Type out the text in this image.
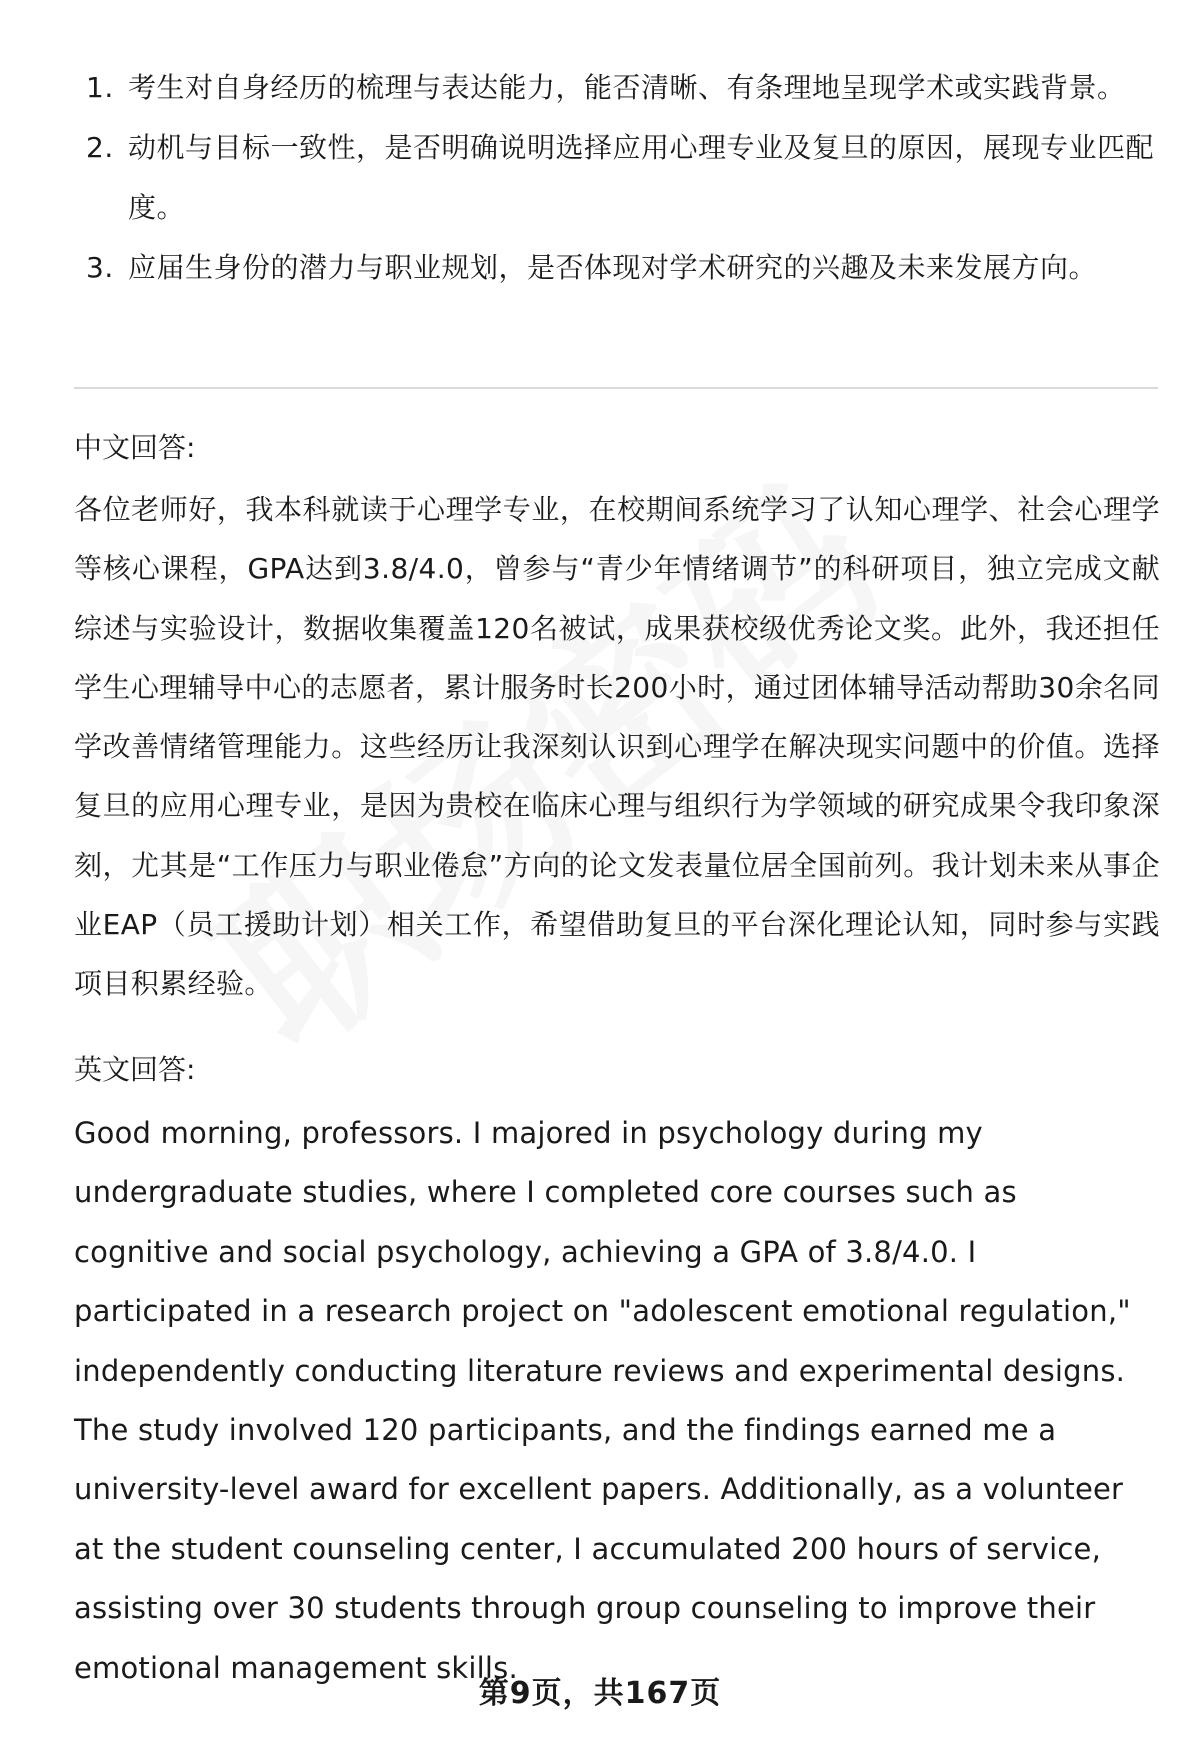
1. 考生对自身经历的梳理与表达能力，能否清晰、有条理地呈现学术或实践背景。
2. 动机与目标一致性，是否明确说明选择应用心理专业及复旦的原因，展现专业匹配度。
3. 应届生身份的潜力与职业规划，是否体现对学术研究的兴趣及未来发展方向。
中文回答:

各位老师好，我本科就读于心理学专业，在校期间系统学习了认知心理学、社会心理学等核心课程，GPA达到3.8/4.0，曾参与“青少年情绪调节”的科研项目，独立完成文献综述与实验设计，数据收集覆盖120名被试，成果获校级优秀论文奖。此外，我还担任学生心理辅导中心的志愿者，累计服务时长200小时，通过团体辅导活动帮助30余名同学改善情绪管理能力。这些经历让我深刻认识到心理学在解决现实问题中的价值。选择复旦的应用心理专业，是因为贵校在临床心理与组织行为学领域的研究成果令我印象深刻，尤其是“工作压力与职业倦怠”方向的论文发表量位居全国前列。我计划未来从事企业EAP（员工援助计划）相关工作，希望借助复旦的平台深化理论认知，同时参与实践项目积累经验。

英文回答:

Good morning, professors. I majored in psychology during my undergraduate studies, where I completed core courses such as cognitive and social psychology, achieving a GPA of 3.8/4.0. I participated in a research project on "adolescent emotional regulation," independently conducting literature reviews and experimental designs. The study involved 120 participants, and the findings earned me a university-level award for excellent papers. Additionally, as a volunteer at the student counseling center, I accumulated 200 hours of service, assisting over 30 students through group counseling to improve their emotional management skills.

第9页，共167页
